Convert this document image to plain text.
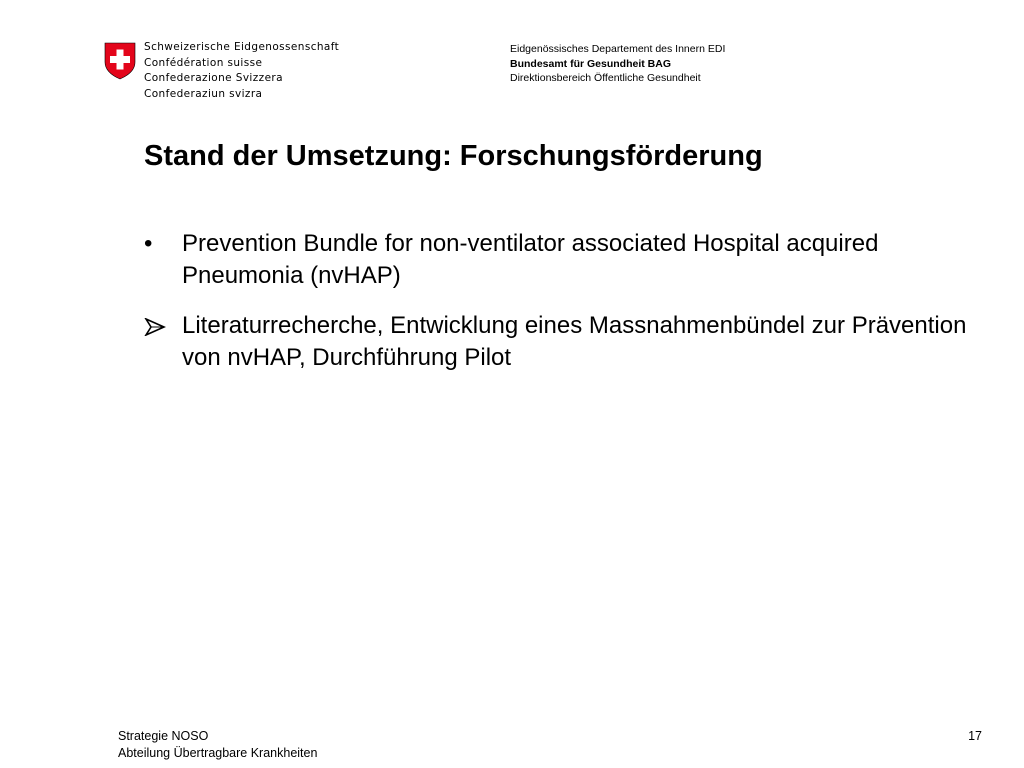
Schweizerische Eidgenossenschaft
Confédération suisse
Confederazione Svizzera
Confederaziun svizra
Eidgenössisches Departement des Innern EDI
Bundesamt für Gesundheit BAG
Direktionsbereich Öffentliche Gesundheit
Stand der Umsetzung: Forschungsförderung
•	Prevention Bundle for non-ventilator associated Hospital acquired Pneumonia (nvHAP)
Literaturrecherche, Entwicklung eines Massnahmenbündel zur Prävention von nvHAP, Durchführung Pilot
Strategie NOSO
Abteilung Übertragbare Krankheiten
17
